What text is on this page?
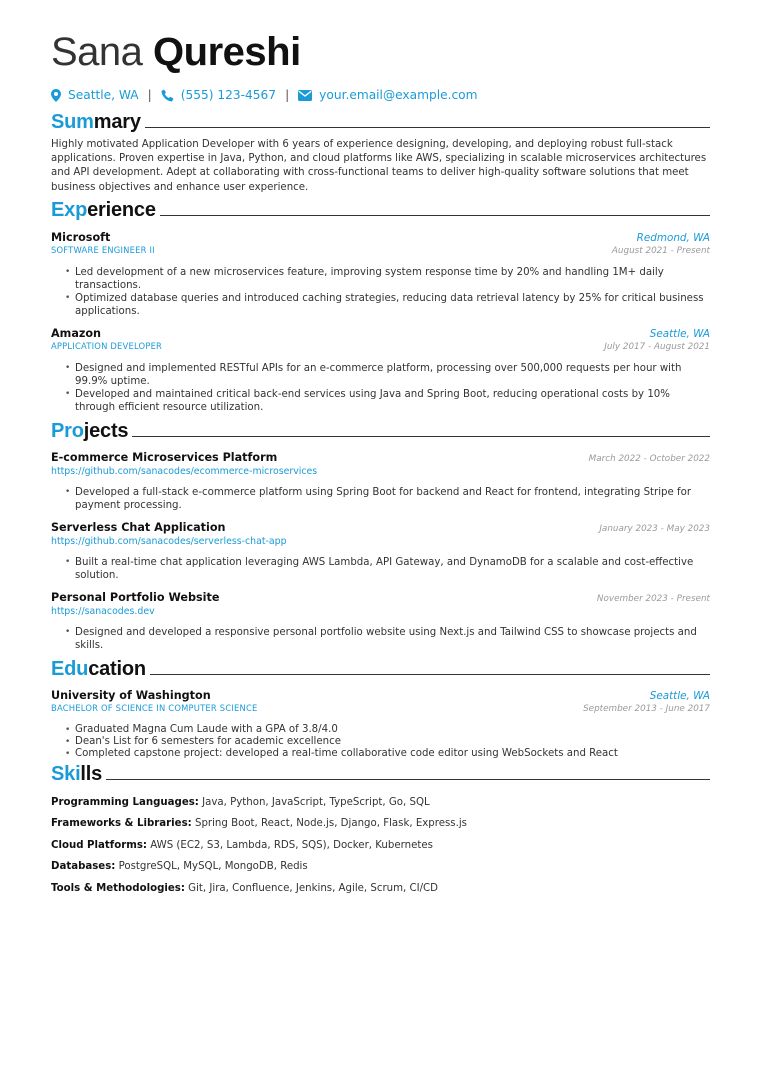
Sana Qureshi
Seattle, WA | (555) 123-4567 | your.email@example.com
Summary

Highly motivated Application Developer with 6 years of experience designing, developing, and deploying robust full-stack applications. Proven expertise in Java, Python, and cloud platforms like AWS, specializing in scalable microservices architectures and API development. Adept at collaborating with cross-functional teams to deliver high-quality software solutions that meet business objectives and enhance user experience.

Experience
Microsoft	Redmond, WA
SOFTWARE ENGINEER II	August 2021 - Present
• Led development of a new microservices feature, improving system response time by 20% and handling 1M+ daily transactions.
• Optimized database queries and introduced caching strategies, reducing data retrieval latency by 25% for critical business applications.
Amazon	Seattle, WA
APPLICATION DEVELOPER	July 2017 - August 2021
• Designed and implemented RESTful APIs for an e-commerce platform, processing over 500,000 requests per hour with 99.9% uptime.
• Developed and maintained critical back-end services using Java and Spring Boot, reducing operational costs by 10% through efficient resource utilization.
Projects
E-commerce Microservices Platform	March 2022 - October 2022
https://github.com/sanacodes/ecommerce-microservices
• Developed a full-stack e-commerce platform using Spring Boot for backend and React for frontend, integrating Stripe for payment processing.
Serverless Chat Application	January 2023 - May 2023
https://github.com/sanacodes/serverless-chat-app
• Built a real-time chat application leveraging AWS Lambda, API Gateway, and DynamoDB for a scalable and cost-effective solution.
Personal Portfolio Website	November 2023 - Present
https://sanacodes.dev
• Designed and developed a responsive personal portfolio website using Next.js and Tailwind CSS to showcase projects and skills.
Education
University of Washington	Seattle, WA
BACHELOR OF SCIENCE IN COMPUTER SCIENCE	September 2013 - June 2017
• Graduated Magna Cum Laude with a GPA of 3.8/4.0
• Dean's List for 6 semesters for academic excellence
• Completed capstone project: developed a real-time collaborative code editor using WebSockets and React
Skills
Programming Languages: Java, Python, JavaScript, TypeScript, Go, SQL
Frameworks & Libraries: Spring Boot, React, Node.js, Django, Flask, Express.js
Cloud Platforms: AWS (EC2, S3, Lambda, RDS, SQS), Docker, Kubernetes
Databases: PostgreSQL, MySQL, MongoDB, Redis
Tools & Methodologies: Git, Jira, Confluence, Jenkins, Agile, Scrum, CI/CD
